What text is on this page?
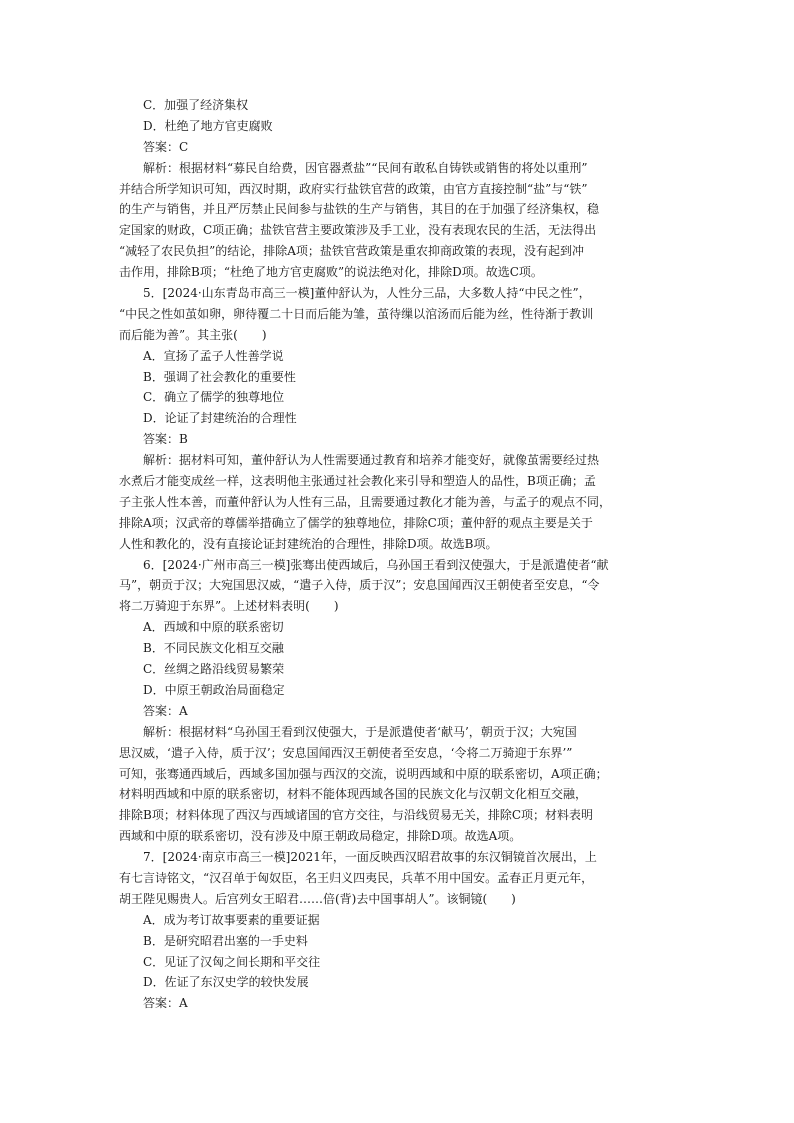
C．加强了经济集权
D．杜绝了地方官吏腐败
答案：C
解析：根据材料“募民自给费，因官器煮盐”“民间有敢私自铸铁或销售的将处以重刑”
并结合所学知识可知，西汉时期，政府实行盐铁官营的政策，由官方直接控制“盐”与“铁”
的生产与销售，并且严厉禁止民间参与盐铁的生产与销售，其目的在于加强了经济集权，稳
定国家的财政，C项正确；盐铁官营主要政策涉及手工业，没有表现农民的生活，无法得出
“减轻了农民负担”的结论，排除A项；盐铁官营政策是重农抑商政策的表现，没有起到冲
击作用，排除B项；“杜绝了地方官吏腐败”的说法绝对化，排除D项。故选C项。
5．[2024·山东青岛市高三一模]董仲舒认为，人性分三品，大多数人持“中民之性”，
“中民之性如茧如卵，卵待覆二十日而后能为雏，茧待缫以涫汤而后能为丝，性待渐于教训
而后能为善”。其主张(　　)
A．宣扬了孟子人性善学说
B．强调了社会教化的重要性
C．确立了儒学的独尊地位
D．论证了封建统治的合理性
答案：B
解析：据材料可知，董仲舒认为人性需要通过教育和培养才能变好，就像茧需要经过热
水煮后才能变成丝一样，这表明他主张通过社会教化来引导和塑造人的品性，B项正确；孟
子主张人性本善，而董仲舒认为人性有三品，且需要通过教化才能为善，与孟子的观点不同，
排除A项；汉武帝的尊儒举措确立了儒学的独尊地位，排除C项；董仲舒的观点主要是关于
人性和教化的，没有直接论证封建统治的合理性，排除D项。故选B项。
6．[2024·广州市高三一模]张骞出使西域后，乌孙国王看到汉使强大，于是派遣使者“献
马”，朝贡于汉；大宛国思汉威，“遣子入侍，质于汉”；安息国闻西汉王朝使者至安息，“令
将二万骑迎于东界”。上述材料表明(　　)
A．西域和中原的联系密切
B．不同民族文化相互交融
C．丝绸之路沿线贸易繁荣
D．中原王朝政治局面稳定
答案：A
解析：根据材料“乌孙国王看到汉使强大，于是派遣使者‘献马’，朝贡于汉；大宛国
思汉威，‘遣子入侍，质于汉’；安息国闻西汉王朝使者至安息，‘令将二万骑迎于东界’”
可知，张骞通西域后，西域多国加强与西汉的交流，说明西域和中原的联系密切，A项正确；
材料明西域和中原的联系密切，材料不能体现西域各国的民族文化与汉朝文化相互交融，
排除B项；材料体现了西汉与西域诸国的官方交往，与沿线贸易无关，排除C项；材料表明
西域和中原的联系密切，没有涉及中原王朝政局稳定，排除D项。故选A项。
7．[2024·南京市高三一模]2021年，一面反映西汉昭君故事的东汉铜镜首次展出，上
有七言诗铭文，“汉召单于匈奴臣，名王归义四夷民，兵革不用中国安。孟春正月更元年，
胡王陛见赐贵人。后宫列女王昭君……倍(背)去中国事胡人”。该铜镜(　　)
A．成为考订故事要素的重要证据
B．是研究昭君出塞的一手史料
C．见证了汉匈之间长期和平交往
D．佐证了东汉史学的较快发展
答案：A
